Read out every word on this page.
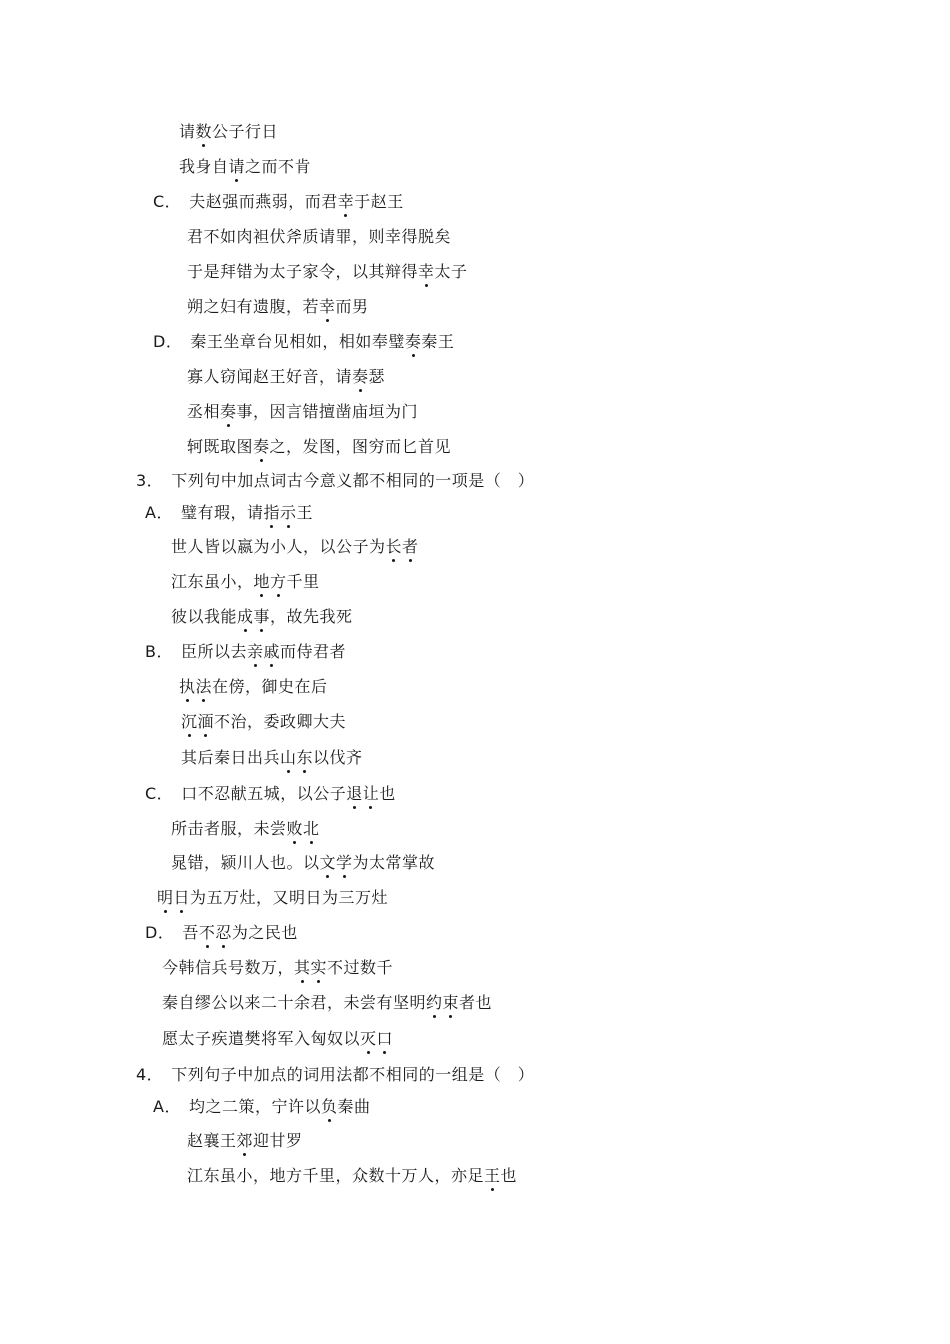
请数公子行日
我身自请之而不肯
C． 夫赵强而燕弱，而君幸于赵王
君不如肉袒伏斧质请罪，则幸得脱矣
于是拜错为太子家令，以其辩得幸太子
朔之妇有遗腹，若幸而男
D． 秦王坐章台见相如，相如奉璧奏秦王
寡人窃闻赵王好音，请奏瑟
丞相奏事，因言错擅凿庙垣为门
轲既取图奏之，发图，图穷而匕首见
3． 下列句中加点词古今意义都不相同的一项是（　）
A． 璧有瑕，请指示王
世人皆以嬴为小人，以公子为长者
江东虽小，地方千里
彼以我能成事，故先我死
B． 臣所以去亲戚而侍君者
执法在傍，御史在后
沉湎不治，委政卿大夫
其后秦日出兵山东以伐齐
C． 口不忍献五城，以公子退让也
所击者服，未尝败北
晁错，颍川人也。以文学为太常掌故
明日为五万灶，又明日为三万灶
D． 吾不忍为之民也
今韩信兵号数万，其实不过数千
秦自缪公以来二十余君，未尝有坚明约束者也
愿太子疾遣樊将军入匈奴以灭口
4． 下列句子中加点的词用法都不相同的一组是（　）
A． 均之二策，宁许以负秦曲
赵襄王郊迎甘罗
江东虽小，地方千里，众数十万人，亦足王也
